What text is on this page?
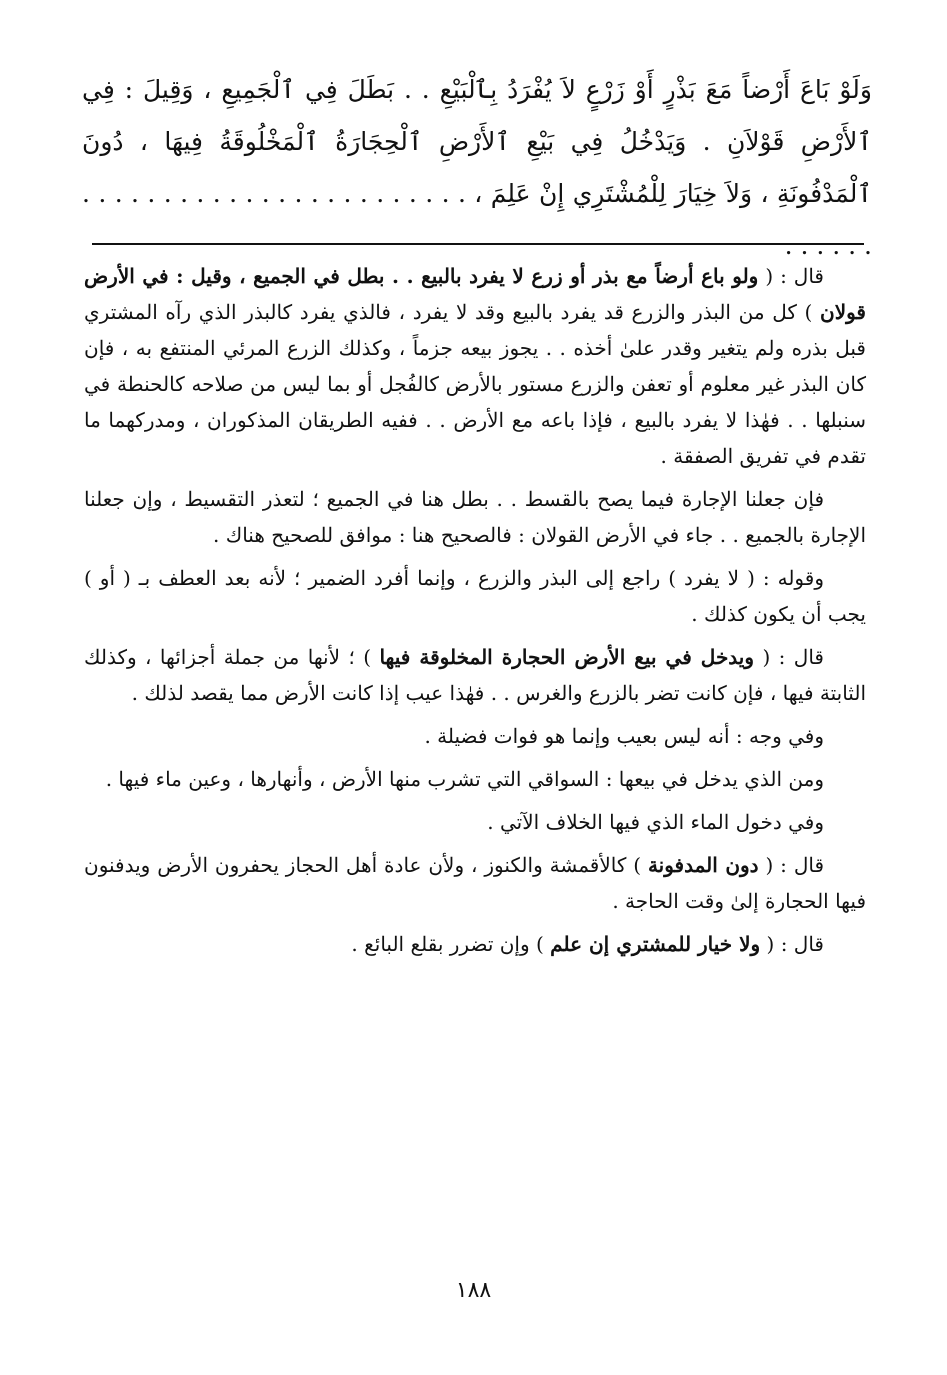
وَلَوْ بَاعَ أَرْضاً مَعَ بَذْرٍ أَوْ زَرْعٍ لاَ يُفْرَدُ بِٱلْبَيْعِ . . بَطَلَ فِي ٱلْجَمِيعِ ، وَقِيلَ : فِي ٱلأَرْضِ قَوْلاَنِ . وَيَدْخُلُ فِي بَيْعِ ٱلأَرْضِ ٱلْحِجَارَةُ ٱلْمَخْلُوقَةُ فِيهَا ، دُونَ ٱلْمَدْفُونَةِ ، وَلاَ خِيَارَ لِلْمُشْتَرِي إِنْ عَلِمَ ، . . . . . . . . . . . . . . . . . . . . . . . . . . . . . .

قال : ( ولو باع أرضاً مع بذر أو زرع لا يفرد بالبيع . . بطل في الجميع ، وقيل : في الأرض قولان ) كل من البذر والزرع قد يفرد بالبيع وقد لا يفرد ، فالذي يفرد كالبذر الذي رآه المشتري قبل بذره ولم يتغير وقدر علىٰ أخذه . . يجوز بيعه جزماً ، وكذلك الزرع المرئي المنتفع به ، فإن كان البذر غير معلوم أو تعفن والزرع مستور بالأرض كالفُجل أو بما ليس من صلاحه كالحنطة في سنبلها . . فهٰذا لا يفرد بالبيع ، فإذا باعه مع الأرض . . ففيه الطريقان المذكوران ، ومدركهما ما تقدم في تفريق الصفقة .

فإن جعلنا الإجارة فيما يصح بالقسط . . بطل هنا في الجميع ؛ لتعذر التقسيط ، وإن جعلنا الإجارة بالجميع . . جاء في الأرض القولان : فالصحيح هنا : موافق للصحيح هناك .

وقوله : ( لا يفرد ) راجع إلى البذر والزرع ، وإنما أفرد الضمير ؛ لأنه بعد العطف بـ ( أو ) يجب أن يكون كذلك .

قال : ( ويدخل في بيع الأرض الحجارة المخلوقة فيها ) ؛ لأنها من جملة أجزائها ، وكذلك الثابتة فيها ، فإن كانت تضر بالزرع والغرس . . فهٰذا عيب إذا كانت الأرض مما يقصد لذلك .

وفي وجه : أنه ليس بعيب وإنما هو فوات فضيلة .

ومن الذي يدخل في بيعها : السواقي التي تشرب منها الأرض ، وأنهارها ، وعين ماء فيها .

وفي دخول الماء الذي فيها الخلاف الآتي .

قال : ( دون المدفونة ) كالأقمشة والكنوز ، ولأن عادة أهل الحجاز يحفرون الأرض ويدفنون فيها الحجارة إلىٰ وقت الحاجة .

قال : ( ولا خيار للمشتري إن علم ) وإن تضرر بقلع البائع .

١٨٨
